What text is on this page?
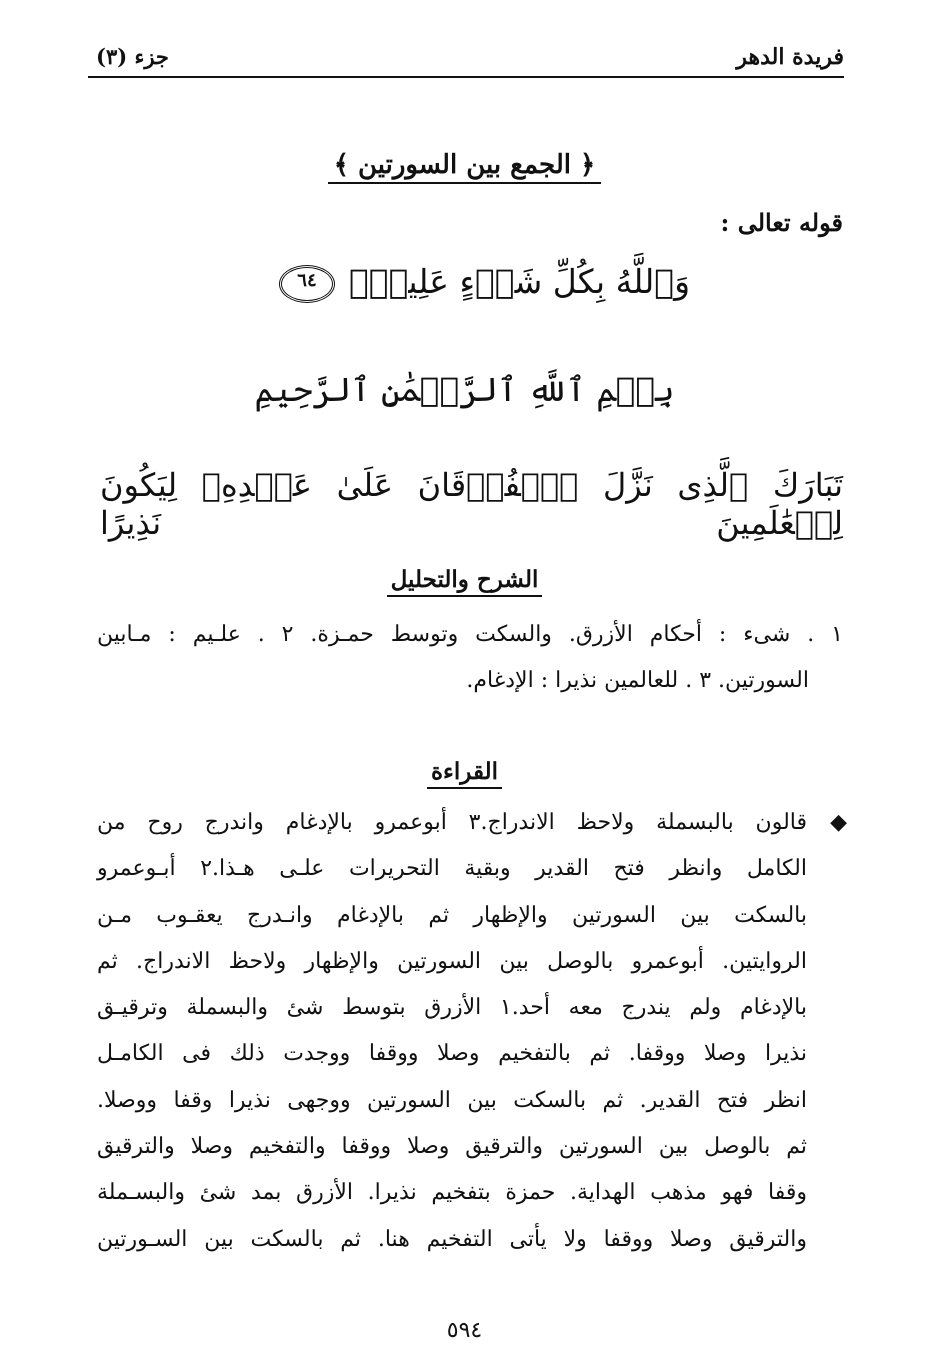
فريدة الدهر
جزء (٣)
﴿ الجمع بين السورتين ﴾
قوله تعالى :
وَٱللَّهُ بِكُلِّ شَىۡءٍ عَلِيمُۢ٦٤
بِسۡمِ ٱللَّهِ ٱلرَّحۡمَٰنِ ٱلرَّحِيمِ
تَبَارَكَ ٱلَّذِى نَزَّلَ ٱلۡفُرۡقَانَ عَلَىٰ عَبۡدِهِۦ لِيَكُونَ لِلۡعَٰلَمِينَ نَذِيرًا
الشرح والتحليل

١ . شىء : أحكام الأزرق. والسكت وتوسط حمـزة. ٢ . علـيم : مـابين

السورتين. ٣ . للعالمين نذيرا : الإدغام.

القراءة
◆
قالون بالبسملة ولاحظ الاندراج.٣ أبوعمرو بالإدغام واندرج روح من
الكامل وانظر فتح القدير وبقية التحريرات علـى هـذا.٢ أبـوعمرو
بالسكت بين السورتين والإظهار ثم بالإدغام وانـدرج يعقـوب مـن
الروايتين. أبوعمرو بالوصل بين السورتين والإظهار ولاحظ الاندراج. ثم
بالإدغام ولم يندرج معه أحد.١ الأزرق بتوسط شئ والبسملة وترقيـق
نذيرا وصلا ووقفا. ثم بالتفخيم وصلا ووقفا ووجدت ذلك فى الكامـل
انظر فتح القدير. ثم بالسكت بين السورتين ووجهى نذيرا وقفا ووصلا.
ثم بالوصل بين السورتين والترقيق وصلا ووقفا والتفخيم وصلا والترقيق
وقفا فهو مذهب الهداية. حمزة بتفخيم نذيرا. الأزرق بمد شئ والبسـملة
والترقيق وصلا ووقفا ولا يأتى التفخيم هنا. ثم بالسكت بين السـورتين
٥٩٤
